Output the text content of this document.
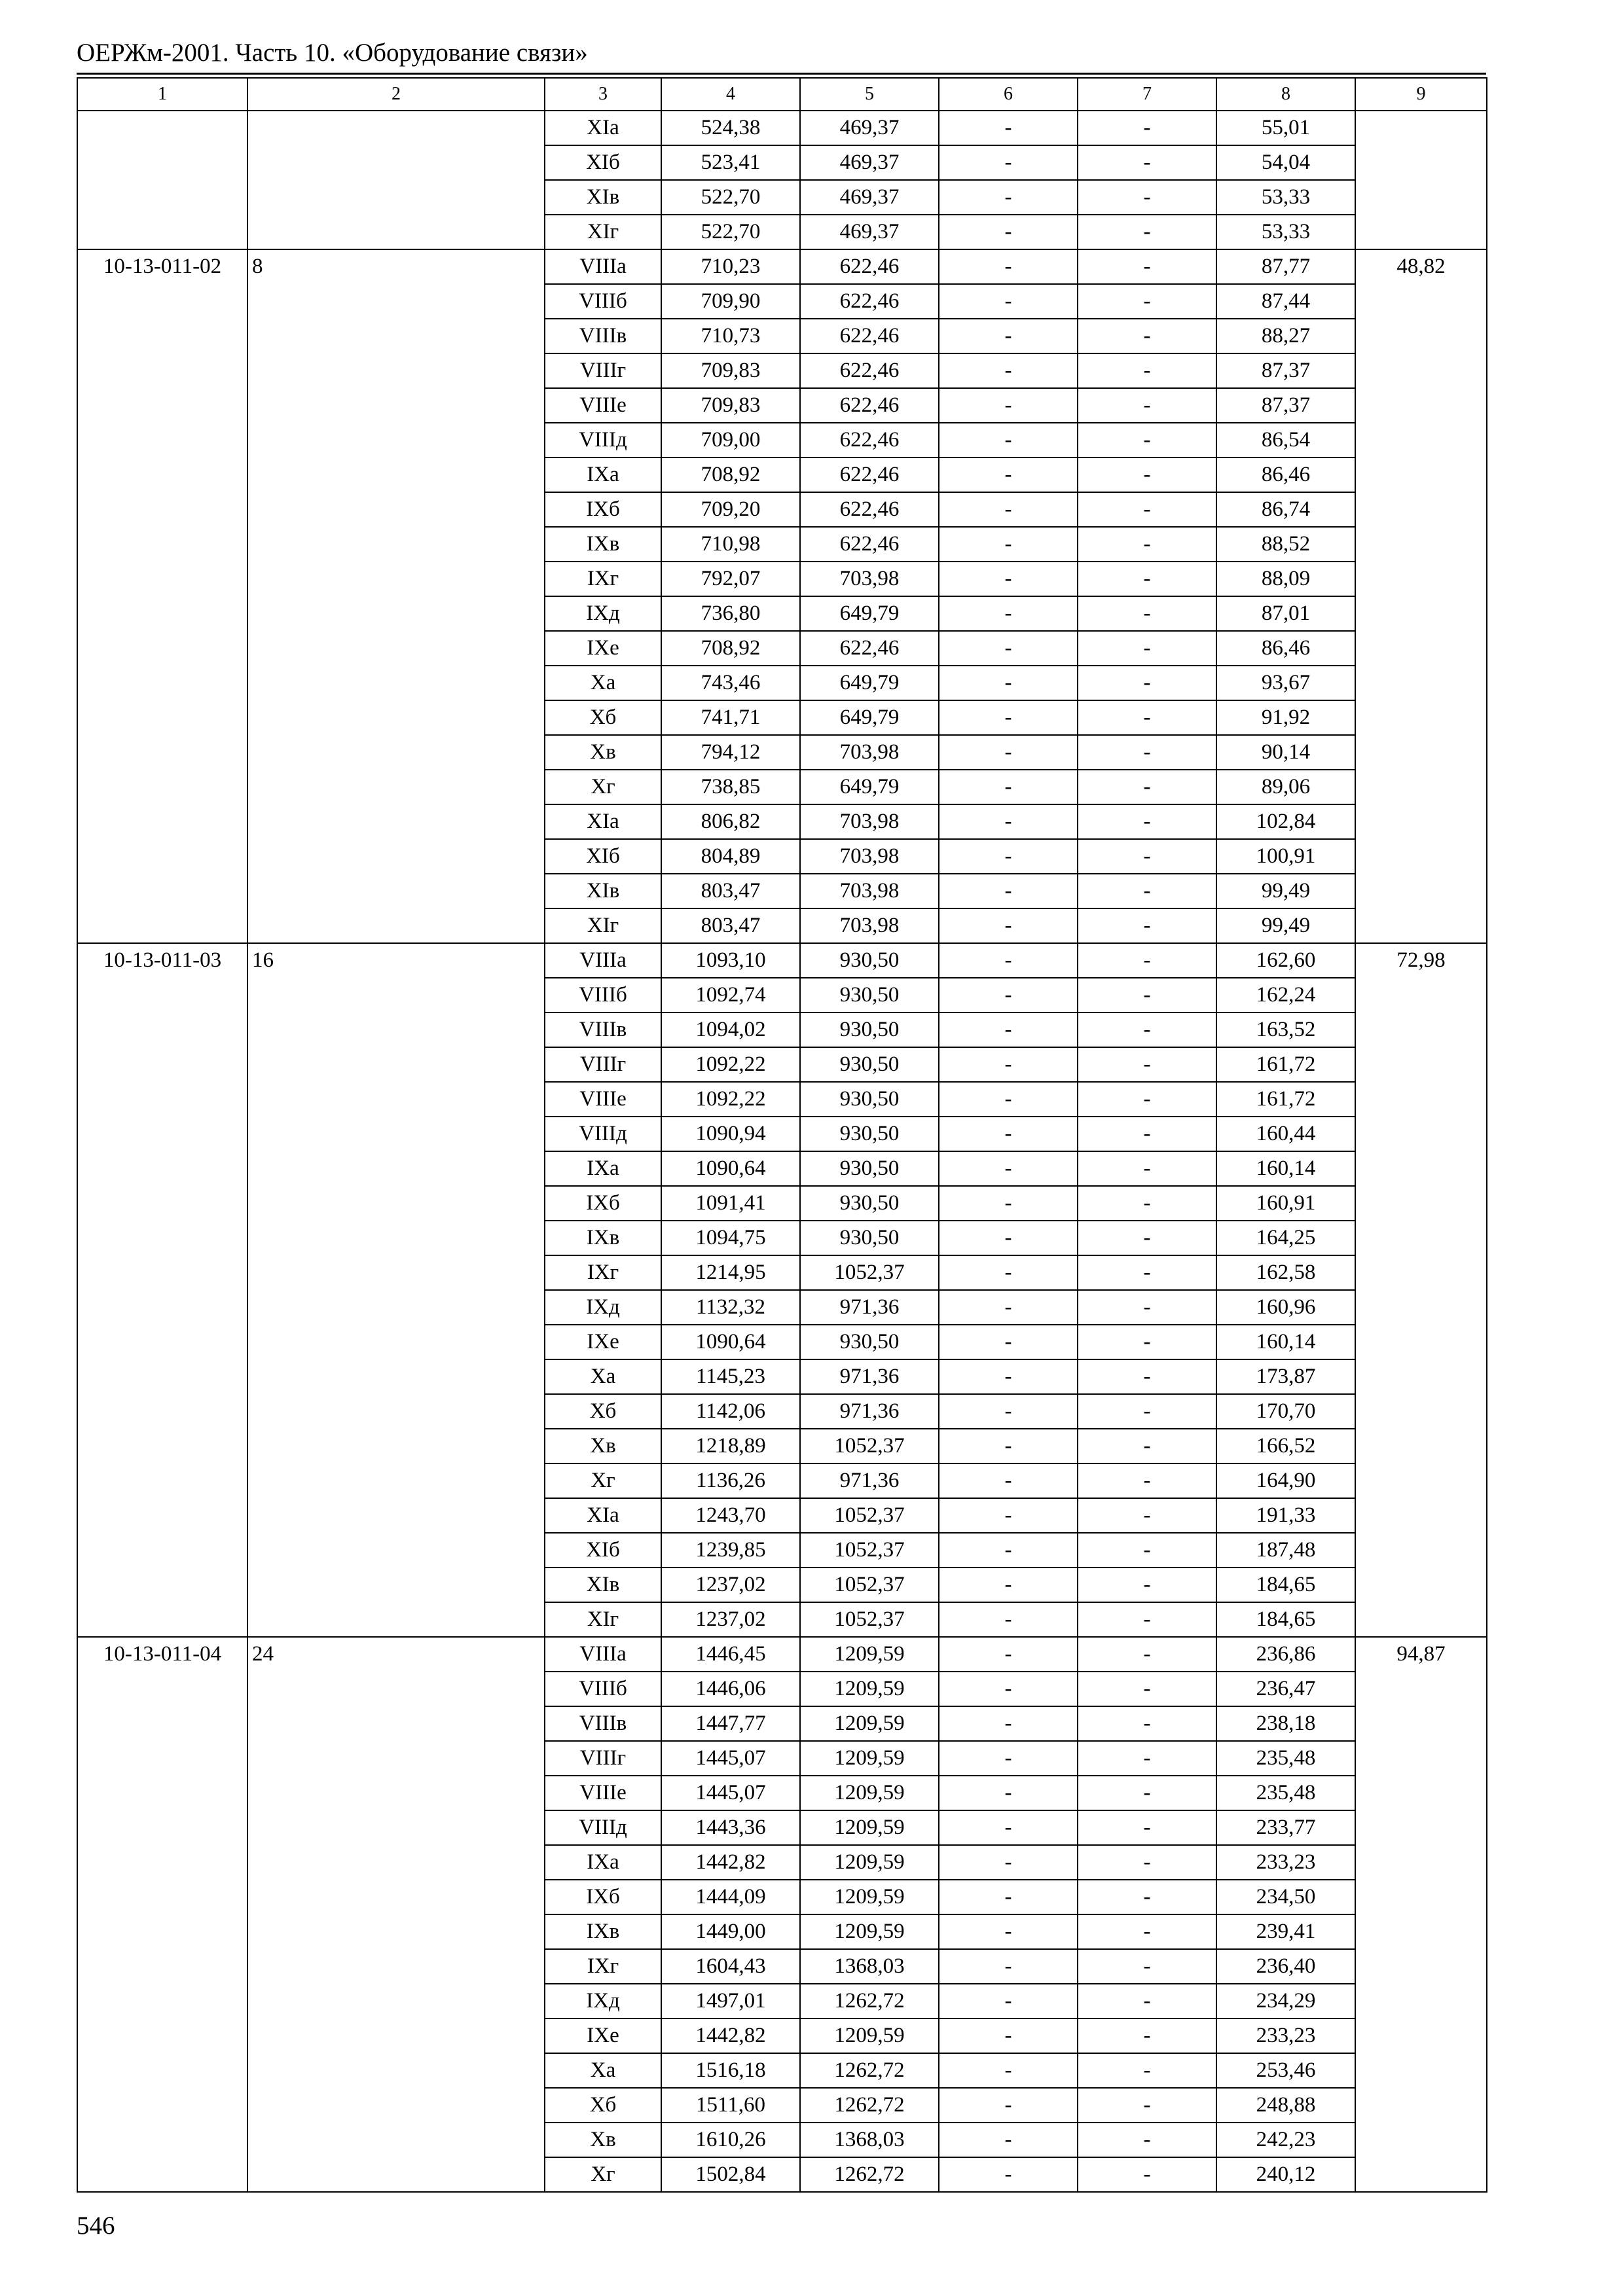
ОЕРЖм-2001. Часть 10. «Оборудование связи»
1	2	3	4	5	6	7	8	9
		XIа	524,38	469,37	-	-	55,01	
		XIб	523,41	469,37	-	-	54,04	
		XIв	522,70	469,37	-	-	53,33	
		XIг	522,70	469,37	-	-	53,33	
10-13-011-02	8	VIIIа	710,23	622,46	-	-	87,77	48,82
		VIIIб	709,90	622,46	-	-	87,44	
		VIIIв	710,73	622,46	-	-	88,27	
		VIIIг	709,83	622,46	-	-	87,37	
		VIIIе	709,83	622,46	-	-	87,37	
		VIIIд	709,00	622,46	-	-	86,54	
		IXа	708,92	622,46	-	-	86,46	
		IXб	709,20	622,46	-	-	86,74	
		IXв	710,98	622,46	-	-	88,52	
		IXг	792,07	703,98	-	-	88,09	
		IXд	736,80	649,79	-	-	87,01	
		IXе	708,92	622,46	-	-	86,46	
		Xа	743,46	649,79	-	-	93,67	
		Xб	741,71	649,79	-	-	91,92	
		Xв	794,12	703,98	-	-	90,14	
		Xг	738,85	649,79	-	-	89,06	
		XIа	806,82	703,98	-	-	102,84	
		XIб	804,89	703,98	-	-	100,91	
		XIв	803,47	703,98	-	-	99,49	
		XIг	803,47	703,98	-	-	99,49	
10-13-011-03	16	VIIIа	1093,10	930,50	-	-	162,60	72,98
		VIIIб	1092,74	930,50	-	-	162,24	
		VIIIв	1094,02	930,50	-	-	163,52	
		VIIIг	1092,22	930,50	-	-	161,72	
		VIIIе	1092,22	930,50	-	-	161,72	
		VIIIд	1090,94	930,50	-	-	160,44	
		IXа	1090,64	930,50	-	-	160,14	
		IXб	1091,41	930,50	-	-	160,91	
		IXв	1094,75	930,50	-	-	164,25	
		IXг	1214,95	1052,37	-	-	162,58	
		IXд	1132,32	971,36	-	-	160,96	
		IXе	1090,64	930,50	-	-	160,14	
		Xа	1145,23	971,36	-	-	173,87	
		Xб	1142,06	971,36	-	-	170,70	
		Xв	1218,89	1052,37	-	-	166,52	
		Xг	1136,26	971,36	-	-	164,90	
		XIа	1243,70	1052,37	-	-	191,33	
		XIб	1239,85	1052,37	-	-	187,48	
		XIв	1237,02	1052,37	-	-	184,65	
		XIг	1237,02	1052,37	-	-	184,65	
10-13-011-04	24	VIIIа	1446,45	1209,59	-	-	236,86	94,87
		VIIIб	1446,06	1209,59	-	-	236,47	
		VIIIв	1447,77	1209,59	-	-	238,18	
		VIIIг	1445,07	1209,59	-	-	235,48	
		VIIIе	1445,07	1209,59	-	-	235,48	
		VIIIд	1443,36	1209,59	-	-	233,77	
		IXа	1442,82	1209,59	-	-	233,23	
		IXб	1444,09	1209,59	-	-	234,50	
		IXв	1449,00	1209,59	-	-	239,41	
		IXг	1604,43	1368,03	-	-	236,40	
		IXд	1497,01	1262,72	-	-	234,29	
		IXе	1442,82	1209,59	-	-	233,23	
		Xа	1516,18	1262,72	-	-	253,46	
		Xб	1511,60	1262,72	-	-	248,88	
		Xв	1610,26	1368,03	-	-	242,23	
		Xг	1502,84	1262,72	-	-	240,12	
546
